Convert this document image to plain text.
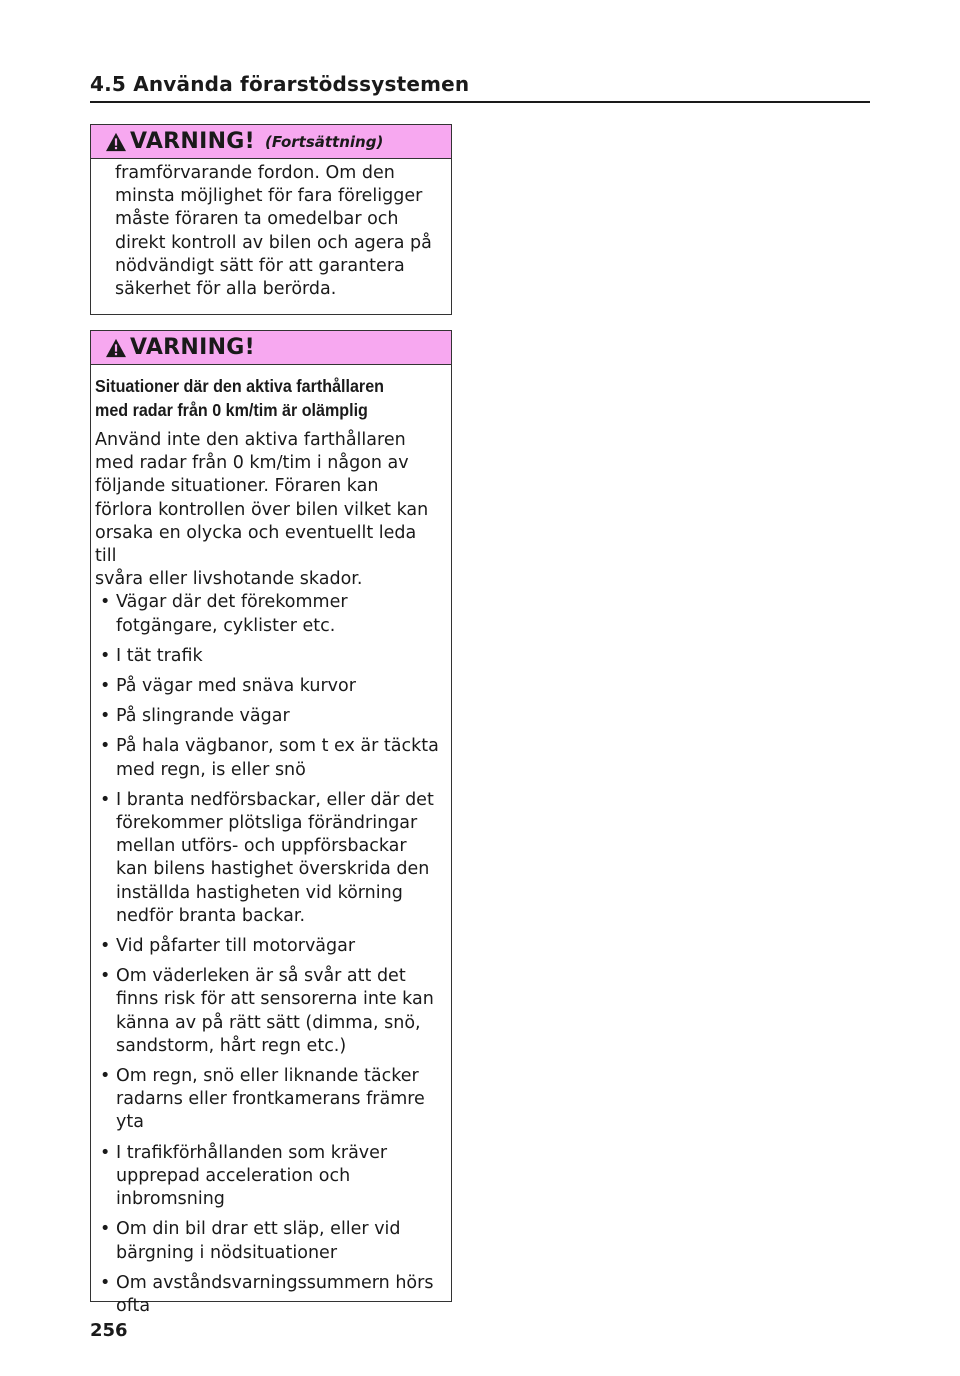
4.5 Använda förarstödssystemen
VARNING! (Fortsättning)
framförvarande fordon. Om den
minsta möjlighet för fara föreligger
måste föraren ta omedelbar och
direkt kontroll av bilen och agera på
nödvändigt sätt för att garantera
säkerhet för alla berörda.
VARNING!
Situationer där den aktiva farthållaren
med radar från 0 km/tim är olämplig
Använd inte den aktiva farthållaren
med radar från 0 km/tim i någon av
följande situationer. Föraren kan
förlora kontrollen över bilen vilket kan
orsaka en olycka och eventuellt leda till
svåra eller livshotande skador.
• Vägar där det förekommer
fotgängare, cyklister etc.
• I tät trafik
• På vägar med snäva kurvor
• På slingrande vägar
• På hala vägbanor, som t ex är täckta
med regn, is eller snö
• I branta nedförsbackar, eller där det
förekommer plötsliga förändringar
mellan utförs- och uppförsbackar
kan bilens hastighet överskrida den
inställda hastigheten vid körning
nedför branta backar.
• Vid påfarter till motorvägar
• Om väderleken är så svår att det
finns risk för att sensorerna inte kan
känna av på rätt sätt (dimma, snö,
sandstorm, hårt regn etc.)
• Om regn, snö eller liknande täcker
radarns eller frontkamerans främre
yta
• I trafikförhållanden som kräver
upprepad acceleration och
inbromsning
• Om din bil drar ett släp, eller vid
bärgning i nödsituationer
• Om avståndsvarningssummern hörs
ofta
256
